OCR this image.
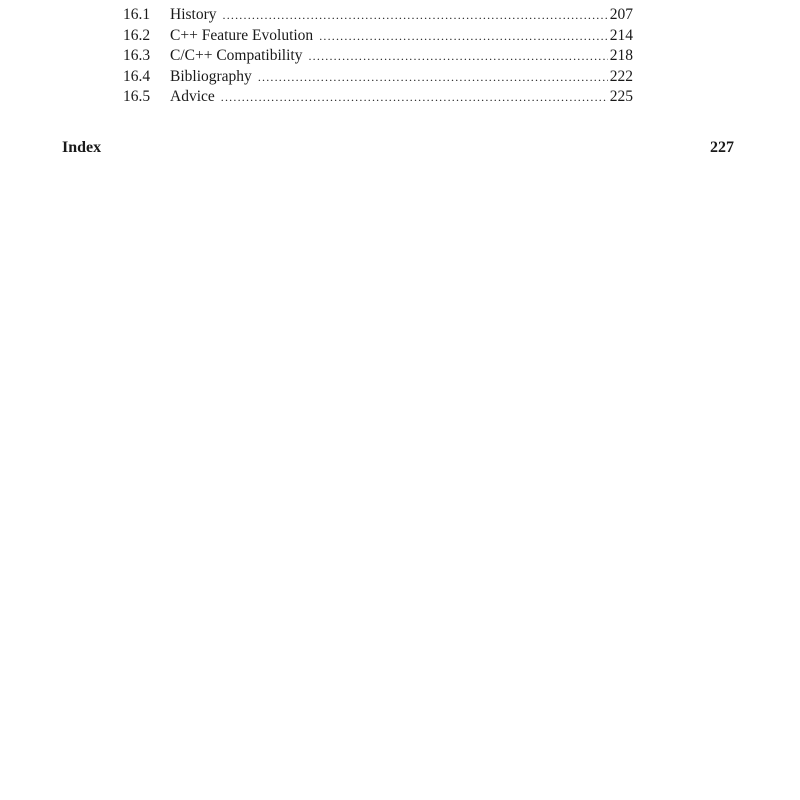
16.1	History .....	207
16.2	C++ Feature Evolution .....	214
16.3	C/C++ Compatibility .....	218
16.4	Bibliography .....	222
16.5	Advice .....	225
Index	227
